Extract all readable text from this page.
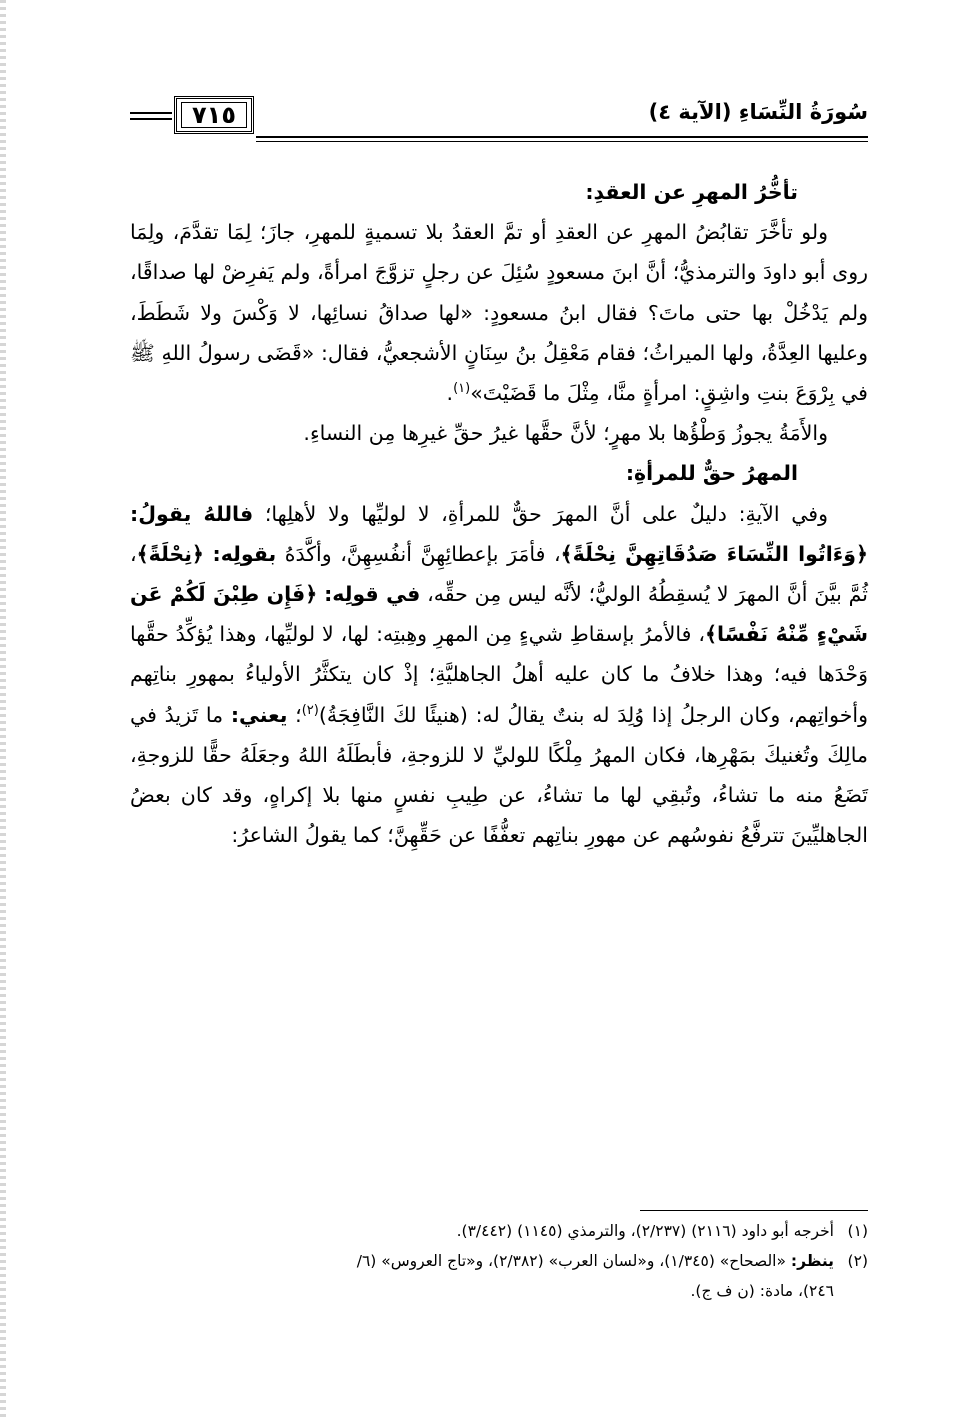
سُورَةُ النِّسَاءِ (الآية ٤)
٧١٥

تأخُّرُ المهرِ عن العقدِ:

ولو تأخَّرَ تقابُضُ المهرِ عن العقدِ أو تمَّ العقدُ بلا تسميةٍ للمهرِ، جازَ؛ لِمَا تقدَّمَ، ولِمَا روى أبو داودَ والترمذيُّ؛ أنَّ ابنَ مسعودٍ سُئِلَ عن رجلٍ تزوَّجَ امرأةً، ولم يَفرِضْ لها صداقًا، ولم يَدْخُلْ بها حتى ماتَ؟ فقال ابنُ مسعودٍ: «لها صداقُ نسائِها، لا وَكْسَ ولا شَطَطَ، وعليها العِدَّةُ، ولها الميراثُ؛ فقام مَعْقِلُ بنُ سِنَانٍ الأشجعيُّ، فقال: «قَضَى رسولُ اللهِ ﷺ في بِرْوَعَ بنتِ واشِقٍ: امرأةٍ منَّا، مِثْلَ ما قَضَيْتَ»$^{(١)}$.

والأَمَةُ يجوزُ وَطْؤُها بلا مهرٍ؛ لأنَّ حقَّها غيرُ حقِّ غيرِها مِن النساءِ.

المهرُ حقٌّ للمرأةِ:

وفي الآيةِ: دليلٌ على أنَّ المهرَ حقٌّ للمرأةِ، لا لوليِّها ولا لأهلِها؛ فاللهُ يقولُ: ﴿وَءَاتُوا النِّسَاءَ صَدُقَاتِهِنَّ نِحْلَةً﴾، فأمَرَ بإعطائِهِنَّ أنفُسِهِنَّ، وأكَّدَهُ بقولِه: ﴿نِحْلَةً﴾، ثُمَّ بيَّنَ أنَّ المهرَ لا يُسقِطُهُ الوليُّ؛ لأنَّه ليس مِن حقِّه، في قولِه: ﴿فَإِن طِبْنَ لَكُمْ عَن شَيْءٍ مِّنْهُ نَفْسًا﴾، فالأمرُ بإسقاطِ شيءٍ مِن المهرِ وهِبتِه: لها، لا لوليِّها، وهذا يُؤكِّدُ حقَّها وَحْدَها فيه؛ وهذا خلافُ ما كان عليه أهلُ الجاهليَّةِ؛ إذْ كان يتكثَّرُ الأولياءُ بمهورِ بناتِهم وأخواتِهم، وكان الرجلُ إذا وُلِدَ له بنتٌ يقالُ له: (هنيئًا لكَ النَّافِجَةُ)$^{(٢)}$؛ يعني: ما تَزيدُ في مالِكَ وتُغنيكَ بمَهْرِها، فكان المهرُ مِلْكًا للوليِّ لا للزوجةِ، فأبطَلَهُ اللهُ وجعَلَهُ حقًّا للزوجةِ، تَضَعُ منه ما تشاءُ، وتُبقِي لها ما تشاءُ، عن طِيبِ نفسٍ منها بلا إكراهٍ، وقد كان بعضُ الجاهليِّينَ تترفَّعُ نفوسُهم عن مهورِ بناتِهم تعفُّفًا عن حَقِّهِنَّ؛ كما يقولُ الشاعرُ:

(١)أخرجه أبو داود (٢١١٦) (٢/٢٣٧)، والترمذي (١١٤٥) (٣/٤٤٢).

(٢)ينظر: «الصحاح» (١/٣٤٥)، و«لسان العرب» (٢/٣٨٢)، و«تاج العروس» (٦/

٢٤٦)، مادة: (ن ف ج).
